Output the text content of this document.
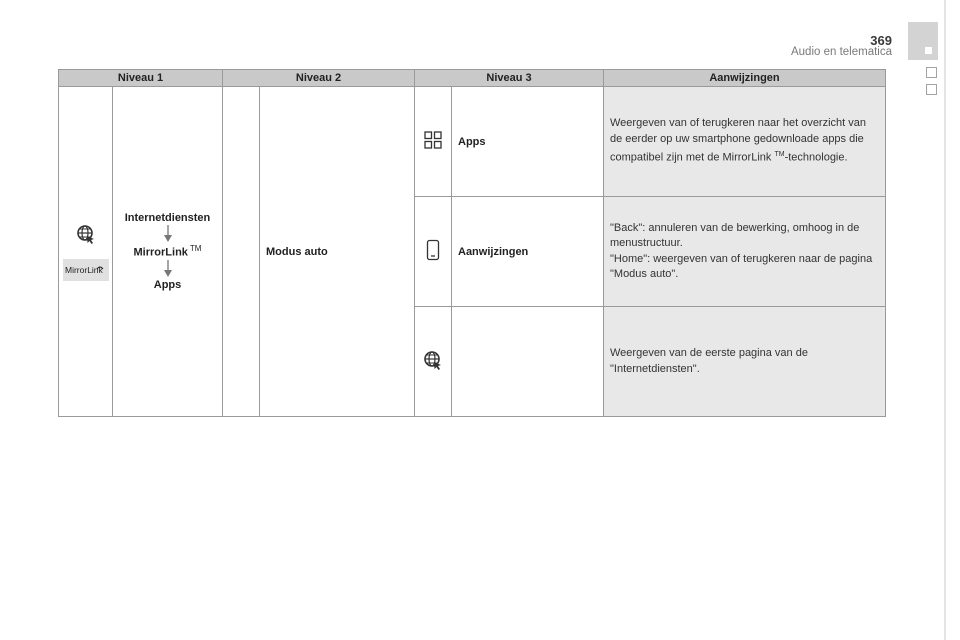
369
Audio en telematica
Niveau 1		Niveau 2		Niveau 3		Aanwijzingen

MirrorLink	Internetdiensten
MirrorLink ™
Apps		Modus auto		Apps	Weergeven van of terugkeren naar het overzicht van de eerder op uw smartphone gedownloade apps die compatibel zijn met de MirrorLink ™-technologie.

	Aanwijzingen	"Back": annuleren van de bewerking, omhoog in de menustructuur.
"Home": weergeven van of terugkeren naar de pagina "Modus auto".

Weergeven van de eerste pagina van de "Internetdiensten".
